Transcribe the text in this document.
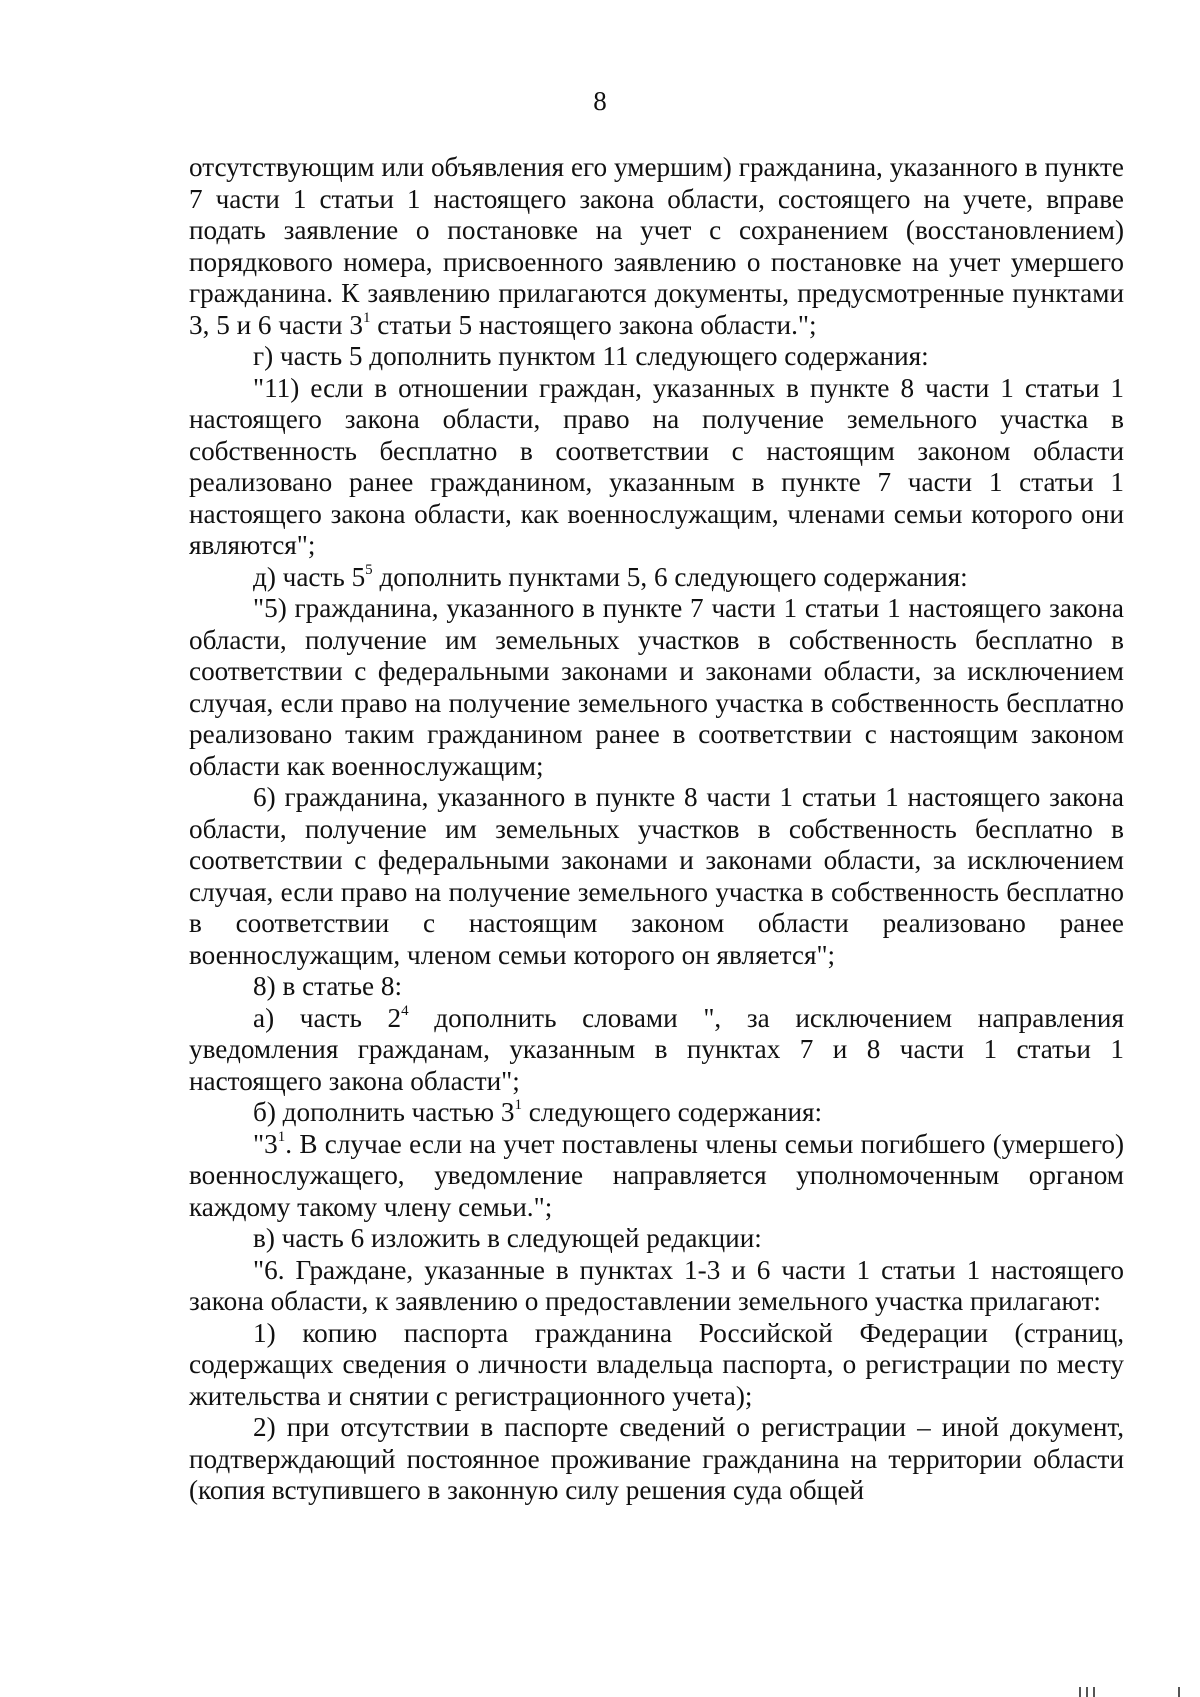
8

отсутствующим или объявления его умершим) гражданина, указанного в пункте 7 части 1 статьи 1 настоящего закона области, состоящего на учете, вправе подать заявление о постановке на учет с сохранением (восстановлением) порядкового номера, присвоенного заявлению о постановке на учет умершего гражданина. К заявлению прилагаются документы, предусмотренные пунктами 3, 5 и 6 части $3^1$ статьи 5 настоящего закона области.";

г) часть 5 дополнить пунктом 11 следующего содержания:

"11) если в отношении граждан, указанных в пункте 8 части 1 статьи 1 настоящего закона области, право на получение земельного участка в собственность бесплатно в соответствии с настоящим законом области реализовано ранее гражданином, указанным в пункте 7 части 1 статьи 1 настоящего закона области, как военнослужащим, членами семьи которого они являются";

д) часть $5^5$ дополнить пунктами 5, 6 следующего содержания:

"5) гражданина, указанного в пункте 7 части 1 статьи 1 настоящего закона области, получение им земельных участков в собственность бесплатно в соответствии с федеральными законами и законами области, за исключением случая, если право на получение земельного участка в собственность бесплатно реализовано таким гражданином ранее в соответствии с настоящим законом области как военнослужащим;

6) гражданина, указанного в пункте 8 части 1 статьи 1 настоящего закона области, получение им земельных участков в собственность бесплатно в соответствии с федеральными законами и законами области, за исключением случая, если право на получение земельного участка в собственность бесплатно в соответствии с настоящим законом области реализовано ранее военнослужащим, членом семьи которого он является";

8) в статье 8:

а) часть $2^4$ дополнить словами ", за исключением направления уведомления гражданам, указанным в пунктах 7 и 8 части 1 статьи 1 настоящего закона области";

б) дополнить частью $3^1$ следующего содержания:

"$3^1$. В случае если на учет поставлены члены семьи погибшего (умершего) военнослужащего, уведомление направляется уполномоченным органом каждому такому члену семьи.";

в) часть 6 изложить в следующей редакции:

"6. Граждане, указанные в пунктах 1-3 и 6 части 1 статьи 1 настоящего закона области, к заявлению о предоставлении земельного участка прилагают:

1) копию паспорта гражданина Российской Федерации (страниц, содержащих сведения о личности владельца паспорта, о регистрации по месту жительства и снятии с регистрационного учета);

2) при отсутствии в паспорте сведений о регистрации – иной документ, подтверждающий постоянное проживание гражданина на территории области (копия вступившего в законную силу решения суда общей
